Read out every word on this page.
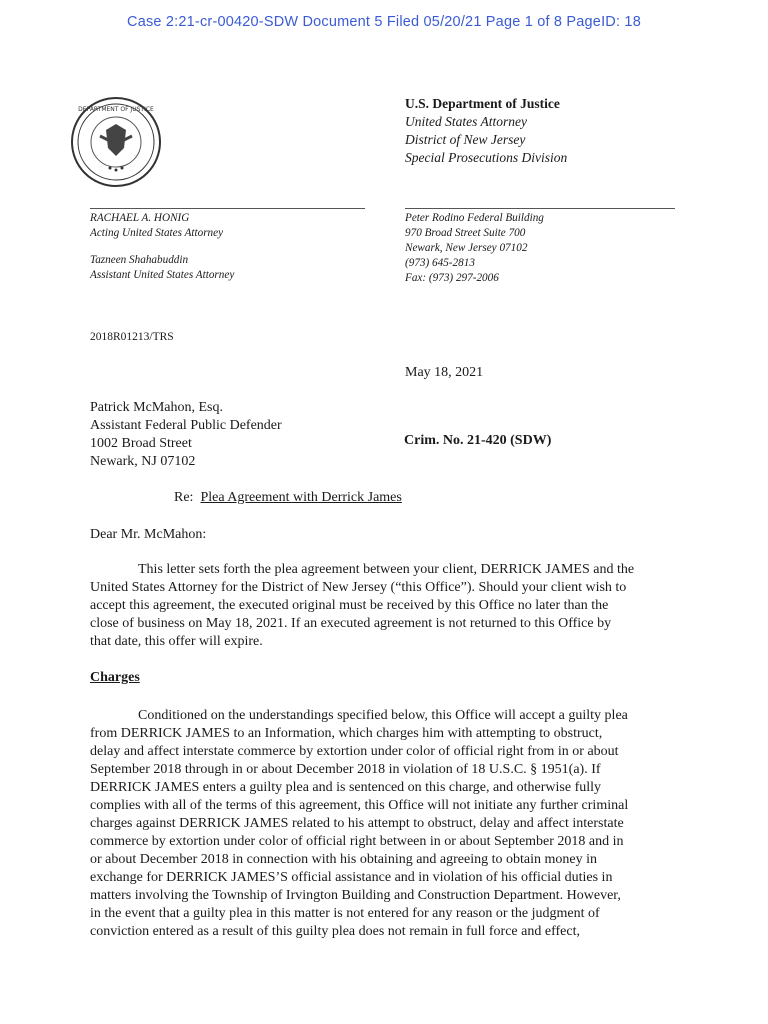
Case 2:21-cr-00420-SDW Document 5 Filed 05/20/21 Page 1 of 8 PageID: 18
DEPARTMENT OF JUSTICE	U.S. Department of Justice
United States Attorney
District of New Jersey
Special Prosecutions Division
RACHAEL A. HONIG
Acting United States Attorney
Tazneen Shahabuddin
Assistant United States Attorney
Peter Rodino Federal Building
970 Broad Street Suite 700
Newark, New Jersey 07102
(973) 645-2813
Fax: (973) 297-2006
2018R01213/TRS
May 18, 2021
Patrick McMahon, Esq.
Assistant Federal Public Defender
1002 Broad Street
Newark, NJ 07102
Crim. No. 21-420 (SDW)
Re: Plea Agreement with Derrick James
Dear Mr. McMahon:
This letter sets forth the plea agreement between your client, DERRICK JAMES and the
United States Attorney for the District of New Jersey (“this Office”). Should your client wish to
accept this agreement, the executed original must be received by this Office no later than the
close of business on May 18, 2021. If an executed agreement is not returned to this Office by
that date, this offer will expire.
Charges
Conditioned on the understandings specified below, this Office will accept a guilty plea
from DERRICK JAMES to an Information, which charges him with attempting to obstruct,
delay and affect interstate commerce by extortion under color of official right from in or about
September 2018 through in or about December 2018 in violation of 18 U.S.C. § 1951(a). If
DERRICK JAMES enters a guilty plea and is sentenced on this charge, and otherwise fully
complies with all of the terms of this agreement, this Office will not initiate any further criminal
charges against DERRICK JAMES related to his attempt to obstruct, delay and affect interstate
commerce by extortion under color of official right between in or about September 2018 and in
or about December 2018 in connection with his obtaining and agreeing to obtain money in
exchange for DERRICK JAMES’S official assistance and in violation of his official duties in
matters involving the Township of Irvington Building and Construction Department. However,
in the event that a guilty plea in this matter is not entered for any reason or the judgment of
conviction entered as a result of this guilty plea does not remain in full force and effect,
